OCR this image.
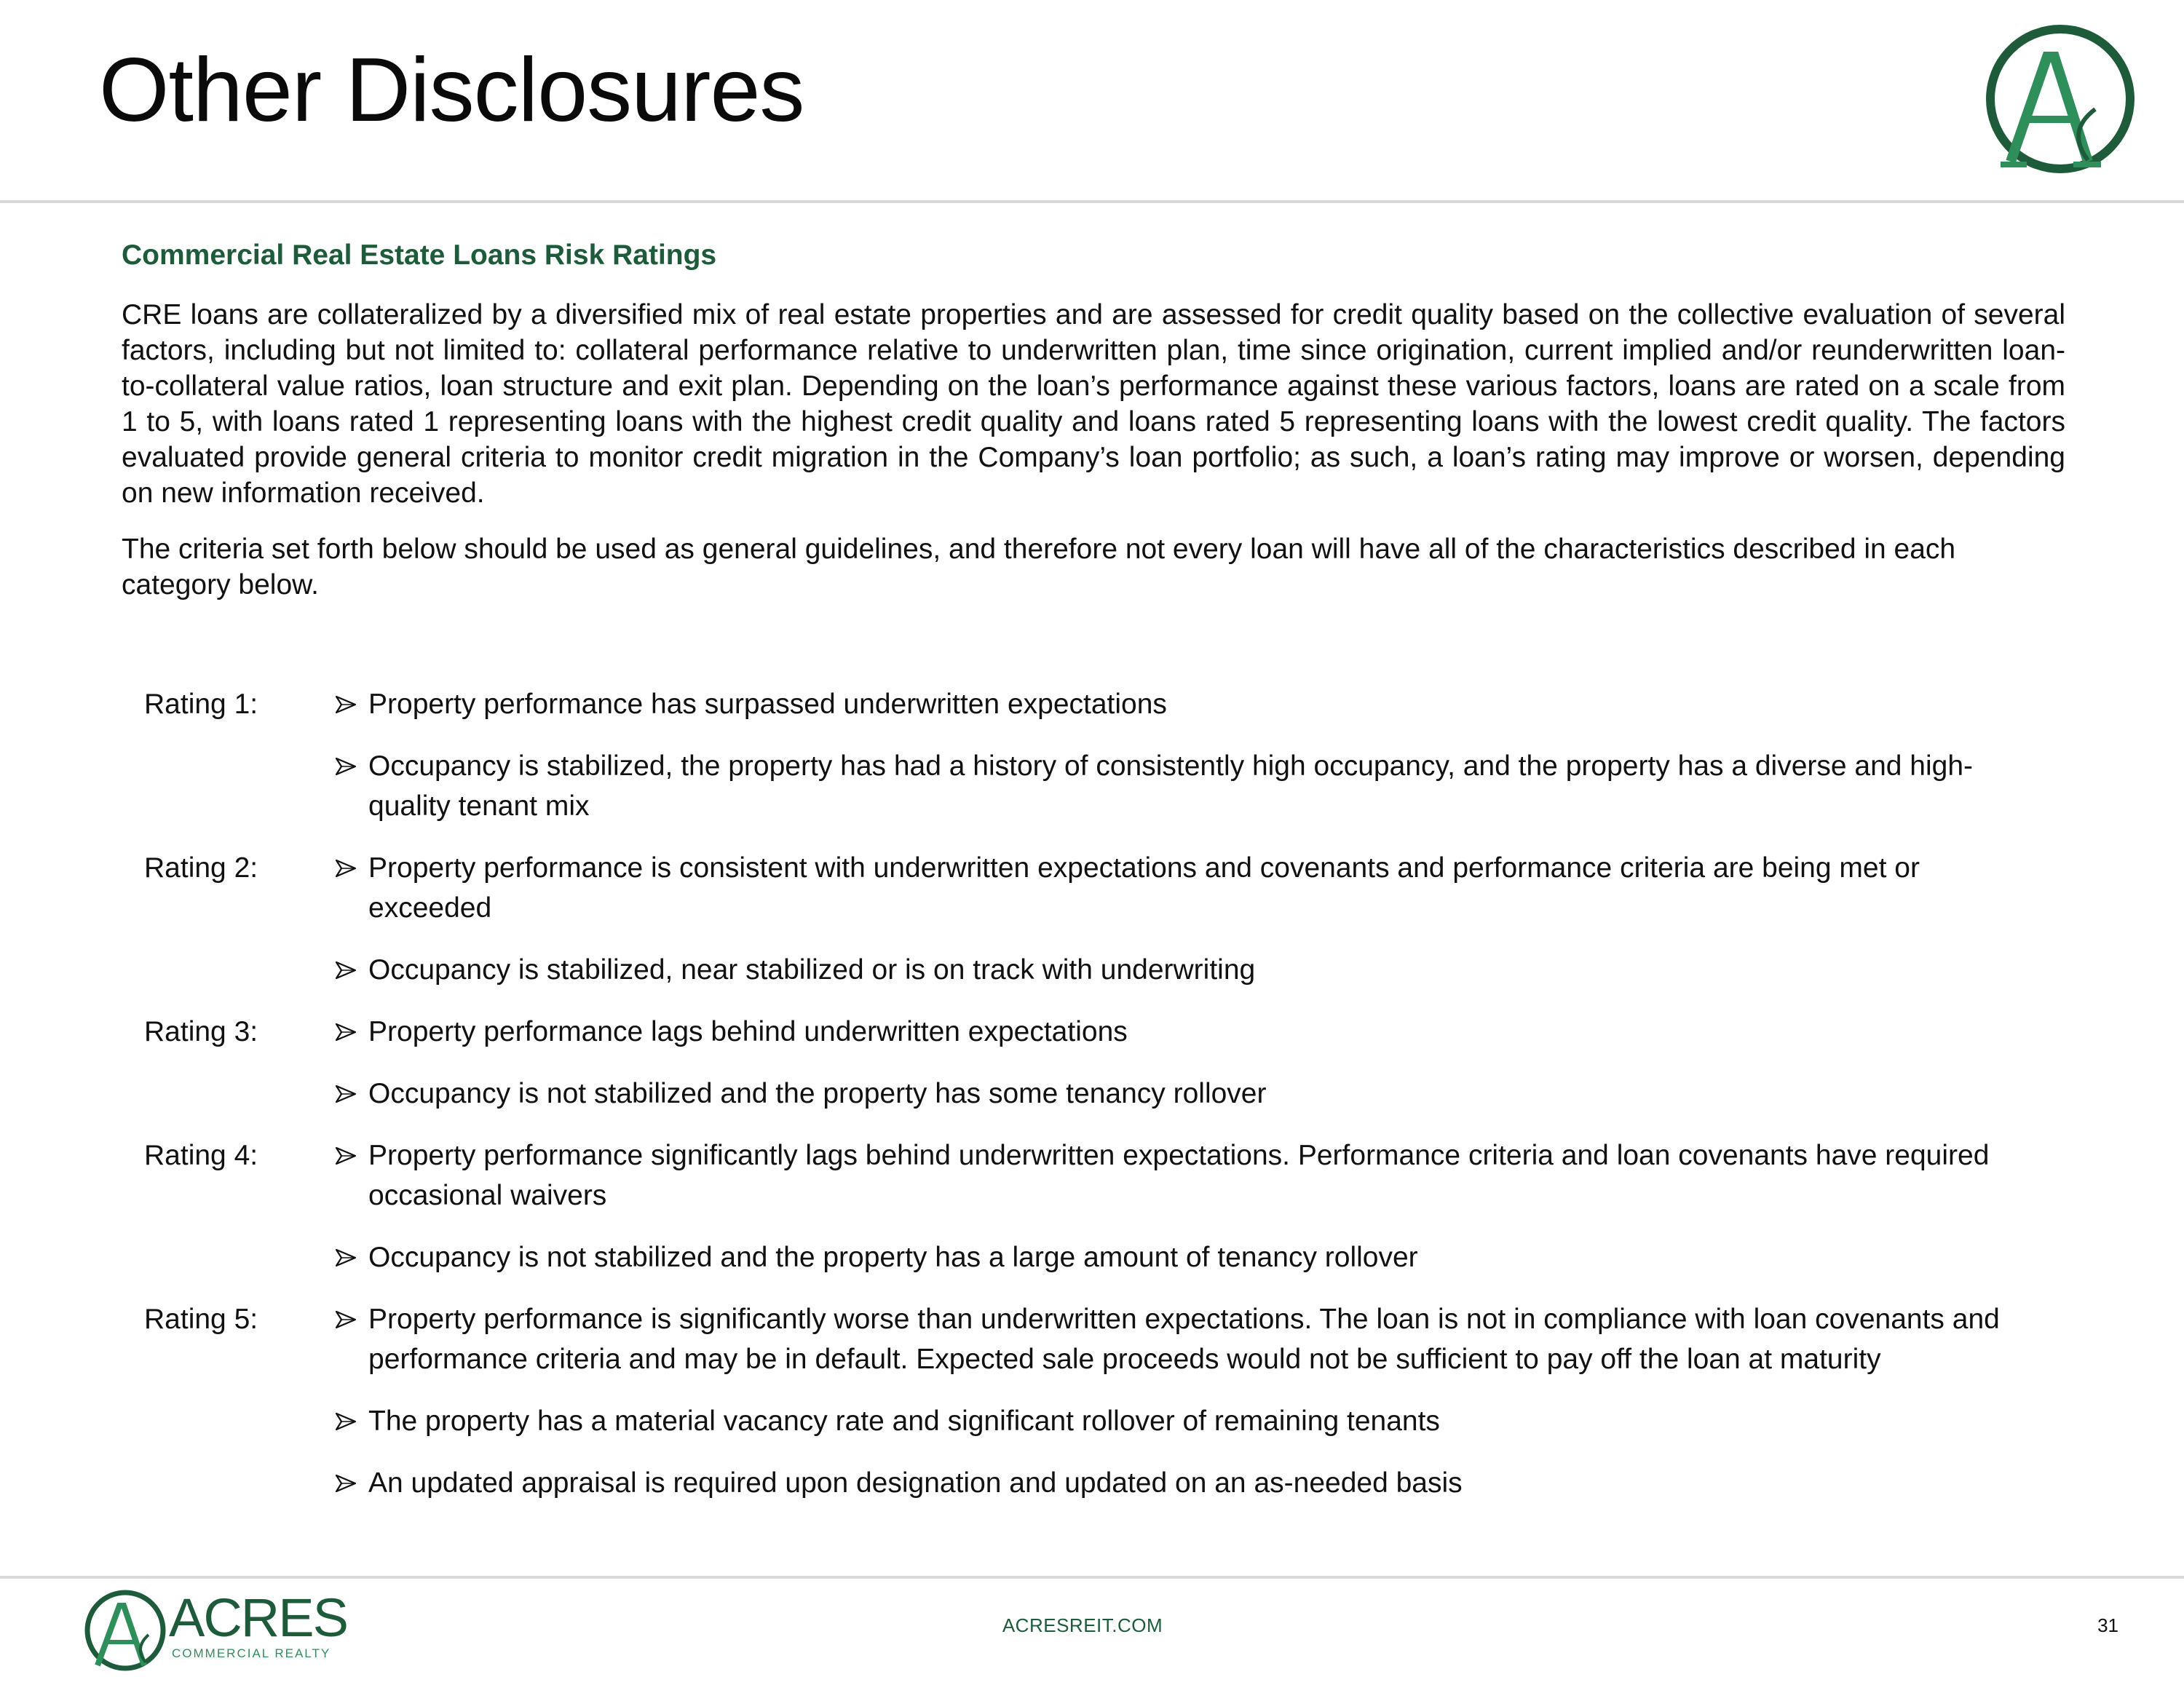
Other Disclosures
Commercial Real Estate Loans Risk Ratings

CRE loans are collateralized by a diversified mix of real estate properties and are assessed for credit quality based on the collective evaluation of several factors, including but not limited to: collateral performance relative to underwritten plan, time since origination, current implied and/or reunderwritten loan-to-collateral value ratios, loan structure and exit plan. Depending on the loan’s performance against these various factors, loans are rated on a scale from 1 to 5, with loans rated 1 representing loans with the highest credit quality and loans rated 5 representing loans with the lowest credit quality. The factors evaluated provide general criteria to monitor credit migration in the Company’s loan portfolio; as such, a loan’s rating may improve or worsen, depending on new information received.

The criteria set forth below should be used as general guidelines, and therefore not every loan will have all of the characteristics described in each category below.

Rating 1:	Property performance has surpassed underwritten expectations
Occupancy is stabilized, the property has had a history of consistently high occupancy, and the property has a diverse and high-quality tenant mix
Rating 2:	Property performance is consistent with underwritten expectations and covenants and performance criteria are being met or exceeded
Occupancy is stabilized, near stabilized or is on track with underwriting
Rating 3:	Property performance lags behind underwritten expectations
Occupancy is not stabilized and the property has some tenancy rollover
Rating 4:	Property performance significantly lags behind underwritten expectations. Performance criteria and loan covenants have required occasional waivers
Occupancy is not stabilized and the property has a large amount of tenancy rollover
Rating 5:	Property performance is significantly worse than underwritten expectations. The loan is not in compliance with loan covenants and performance criteria and may be in default. Expected sale proceeds would not be sufficient to pay off the loan at maturity
The property has a material vacancy rate and significant rollover of remaining tenants
An updated appraisal is required upon designation and updated on an as-needed basis
ACRES
COMMERCIAL REALTY
ACRESREIT.COM	31
